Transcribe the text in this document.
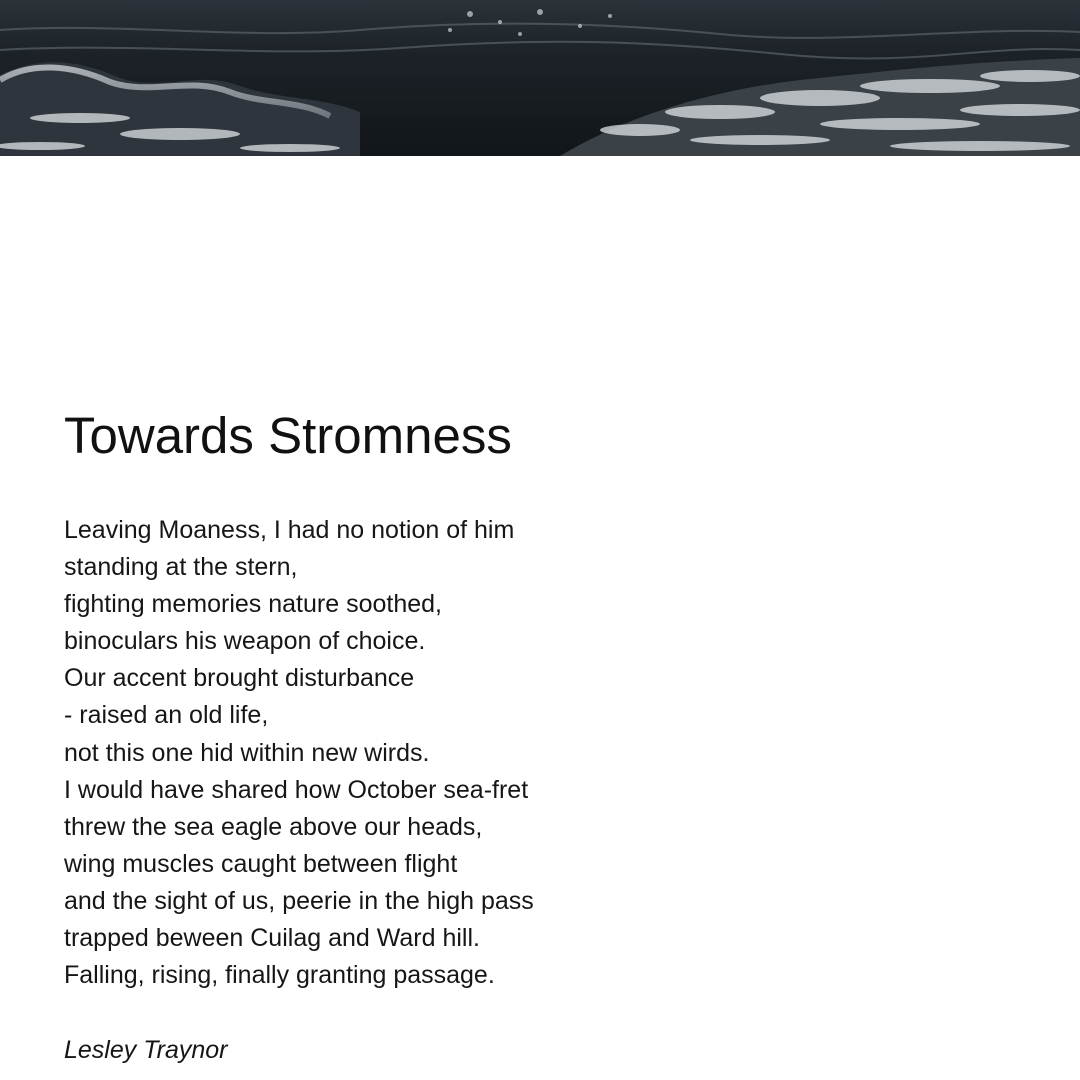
Towards Stromness
Leaving Moaness, I had no notion of him
standing at the stern,
fighting memories nature soothed,
binoculars his weapon of choice.
Our accent brought disturbance
- raised an old life,
not this one hid within new wirds.
I would have shared how October sea-fret
threw the sea eagle above our heads,
wing muscles caught between flight
and the sight of us, peerie in the high pass
trapped beween Cuilag and Ward hill.
Falling, rising, finally granting passage.

Lesley Traynor
